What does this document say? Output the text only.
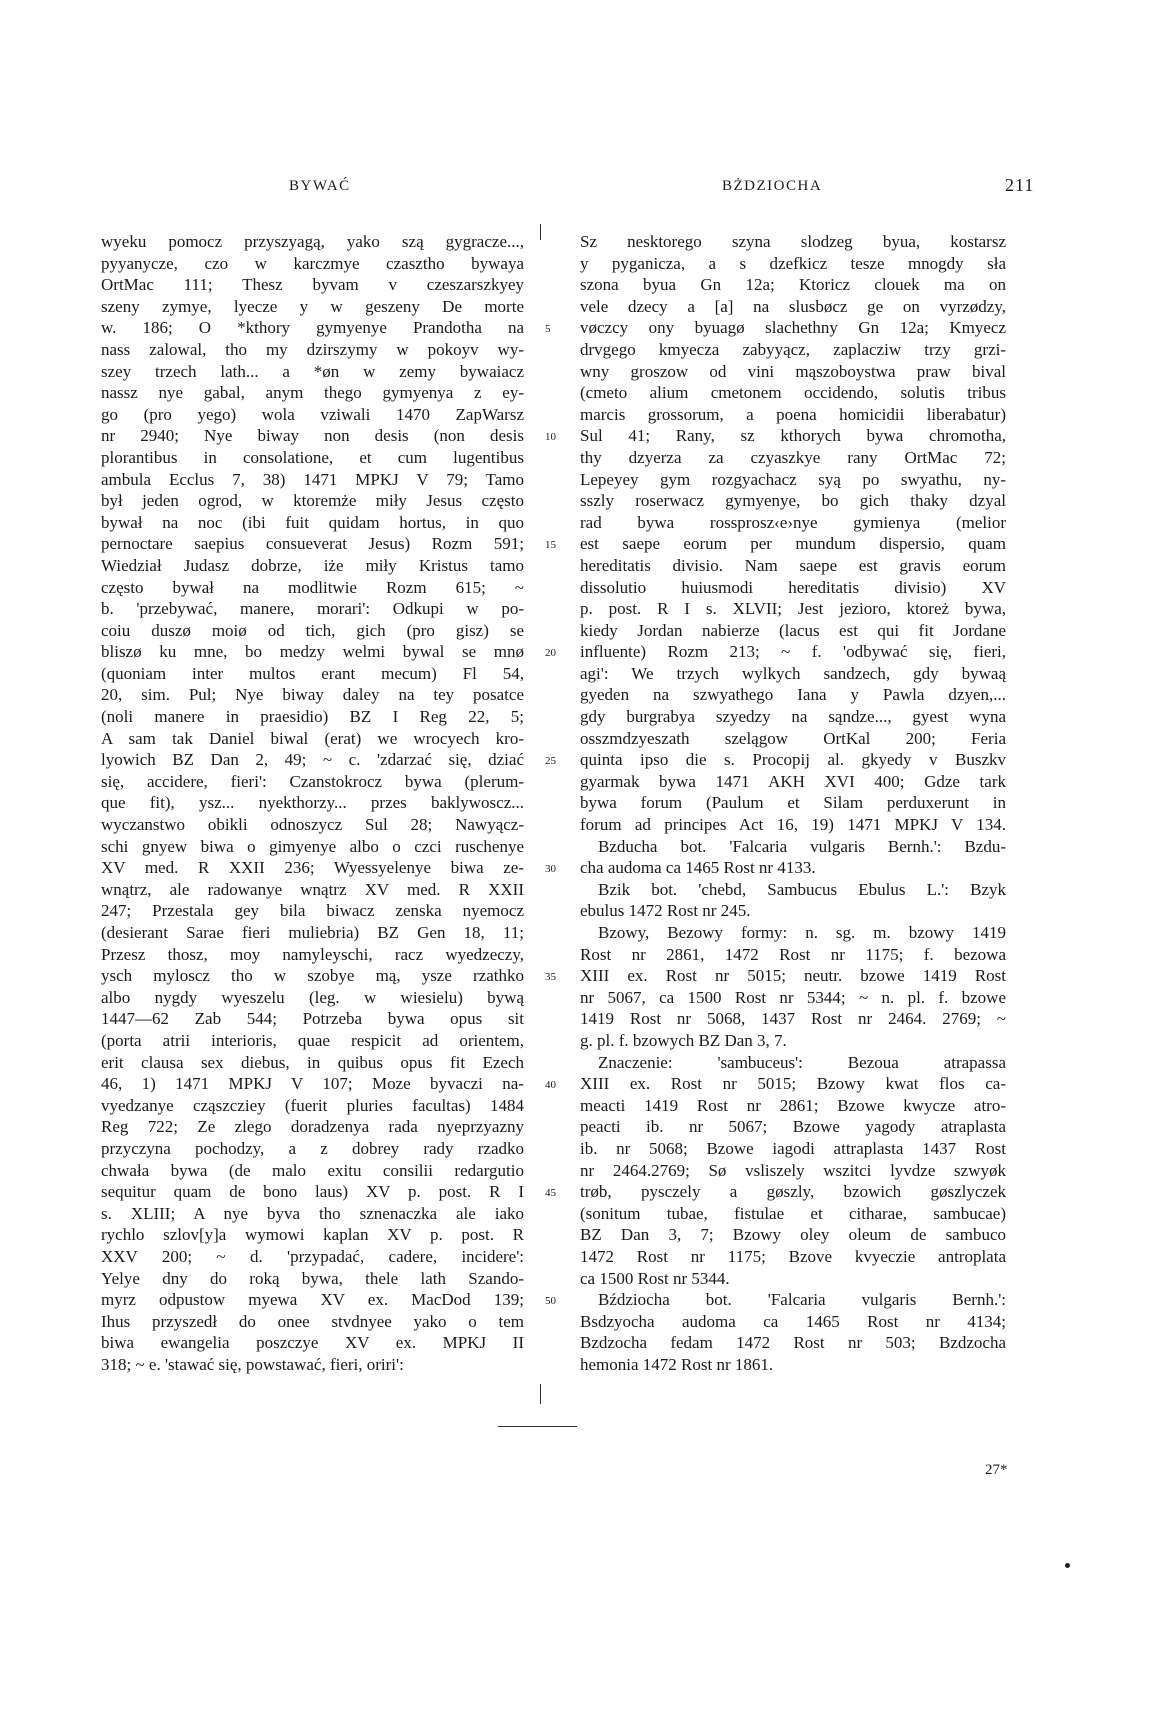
BYWAĆ	BŻDZIOCHA	211
wyeku pomocz przyszyagą, yako szą gygracze...,
pyyanycze, czo w karczmye czasztho bywaya
OrtMac 111; Thesz byvam v czeszarszkyey
szeny zymye, lyecze y w geszeny De morte
w. 186; O *kthory gymyenye Prandotha na
nass zalowal, tho my dzirszymy w pokoyv wy-
szey trzech lath... a *øn w zemy bywaiacz
nassz nye gabal, anym thego gymyenya z ey-
go (pro yego) wola vziwali 1470 ZapWarsz
nr 2940; Nye biway non desis (non desis
plorantibus in consolatione, et cum lugentibus
ambula Ecclus 7, 38) 1471 MPKJ V 79; Tamo
był jeden ogrod, w ktoremże miły Jesus często
bywał na noc (ibi fuit quidam hortus, in quo
pernoctare saepius consueverat Jesus) Rozm 591;
Wiedział Judasz dobrze, iże miły Kristus tamo
często bywał na modlitwie Rozm 615; ~
b. 'przebywać, manere, morari': Odkupi w po-
coiu duszø moiø od tich, gich (pro gisz) se
bliszø ku mne, bo medzy welmi bywal se mnø
(quoniam inter multos erant mecum) Fl 54,
20, sim. Pul; Nye biway daley na tey posatce
(noli manere in praesidio) BZ I Reg 22, 5;
A sam tak Daniel biwal (erat) we wrocyech kro-
lyowich BZ Dan 2, 49; ~ c. 'zdarzać się, dziać
się, accidere, fieri': Czanstokrocz bywa (plerum-
que fit), ysz... nyekthorzy... przes baklywoscz...
wyczanstwo obikli odnoszycz Sul 28; Nawyącz-
schi gnyew biwa o gimyenye albo o czci ruschenye
XV med. R XXII 236; Wyessyelenye biwa ze-
wnątrz, ale radowanye wnątrz XV med. R XXII
247; Przestala gey bila biwacz zenska nyemocz
(desierant Sarae fieri muliebria) BZ Gen 18, 11;
Przesz thosz, moy namyleyschi, racz wyedzeczy,
ysch myloscz tho w szobye mą, ysze rzathko
albo nygdy wyeszelu (leg. w wiesielu) bywą
1447—62 Zab 544; Potrzeba bywa opus sit
(porta atrii interioris, quae respicit ad orientem,
erit clausa sex diebus, in quibus opus fit Ezech
46, 1) 1471 MPKJ V 107; Moze byvaczi na-
vyedzanye cząszcziey (fuerit pluries facultas) 1484
Reg 722; Ze zlego doradzenya rada nyeprzyazny
przyczyna pochodzy, a z dobrey rady rzadko
chwała bywa (de malo exitu consilii redargutio
sequitur quam de bono laus) XV p. post. R I
s. XLIII; A nye byva tho sznenaczka ale iako
rychlo szlov[y]a wymowi kaplan XV p. post. R
XXV 200; ~ d. 'przypadać, cadere, incidere':
Yelye dny do roką bywa, thele lath Szando-
myrz odpustow myewa XV ex. MacDod 139;
Ihus przyszedł do onee stvdnyee yako o tem
biwa ewangelia poszczye XV ex. MPKJ II
318; ~ e. 'stawać się, powstawać, fieri, oriri':
5
10
15
20
25
30
35
40
45
50
Sz nesktorego szyna slodzeg byua, kostarsz
y pyganicza, a s dzefkicz tesze mnogdy sła
szona byua Gn 12a; Ktoricz clouek ma on
vele dzecy a [a] na slusbøcz ge on vyrzødzy,
vøczcy ony byuagø slachethny Gn 12a; Kmyecz
drvgego kmyecza zabyyącz, zaplacziw trzy grzi-
wny groszow od vini mąszoboystwa praw bival
(cmeto alium cmetonem occidendo, solutis tribus
marcis grossorum, a poena homicidii liberabatur)
Sul 41; Rany, sz kthorych bywa chromotha,
thy dzyerza za czyaszkye rany OrtMac 72;
Lepeyey gym rozgyachacz syą po swyathu, ny-
sszly roserwacz gymyenye, bo gich thaky dzyal
rad bywa rossprosz‹e›nye gymienya (melior
est saepe eorum per mundum dispersio, quam
hereditatis divisio. Nam saepe est gravis eorum
dissolutio huiusmodi hereditatis divisio) XV
p. post. R I s. XLVII; Jest jezioro, ktoreż bywa,
kiedy Jordan nabierze (lacus est qui fit Jordane
influente) Rozm 213; ~ f. 'odbywać się, fieri,
agi': We trzych wylkych sandzech, gdy bywaą
gyeden na szwyathego Iana y Pawla dzyen,...
gdy burgrabya szyedzy na sąndze..., gyest wyna
osszmdzyeszath szelągow OrtKal 200; Feria
quinta ipso die s. Procopij al. gkyedy v Buszkv
gyarmak bywa 1471 AKH XVI 400; Gdze tark
bywa forum (Paulum et Silam perduxerunt in
forum ad principes Act 16, 19) 1471 MPKJ V 134.
Bzducha bot. 'Falcaria vulgaris Bernh.': Bzdu-
cha audoma ca 1465 Rost nr 4133.
Bzik bot. 'chebd, Sambucus Ebulus L.': Bzyk
ebulus 1472 Rost nr 245.
Bzowy, Bezowy formy: n. sg. m. bzowy 1419
Rost nr 2861, 1472 Rost nr 1175; f. bezowa
XIII ex. Rost nr 5015; neutr. bzowe 1419 Rost
nr 5067, ca 1500 Rost nr 5344; ~ n. pl. f. bzowe
1419 Rost nr 5068, 1437 Rost nr 2464. 2769; ~
g. pl. f. bzowych BZ Dan 3, 7.
Znaczenie: 'sambuceus': Bezoua atrapassa
XIII ex. Rost nr 5015; Bzowy kwat flos ca-
meacti 1419 Rost nr 2861; Bzowe kwycze atro-
peacti ib. nr 5067; Bzowe yagody atraplasta
ib. nr 5068; Bzowe iagodi attraplasta 1437 Rost
nr 2464.2769; Sø vsliszely wszitci lyvdze szwyøk
trøb, pysczely a gøszly, bzowich gøszlyczek
(sonitum tubae, fistulae et citharae, sambucae)
BZ Dan 3, 7; Bzowy oley oleum de sambuco
1472 Rost nr 1175; Bzove kvyeczie antroplata
ca 1500 Rost nr 5344.
Bździocha bot. 'Falcaria vulgaris Bernh.':
Bsdzyocha audoma ca 1465 Rost nr 4134;
Bzdzocha fedam 1472 Rost nr 503; Bzdzocha
hemonia 1472 Rost nr 1861.
27*
